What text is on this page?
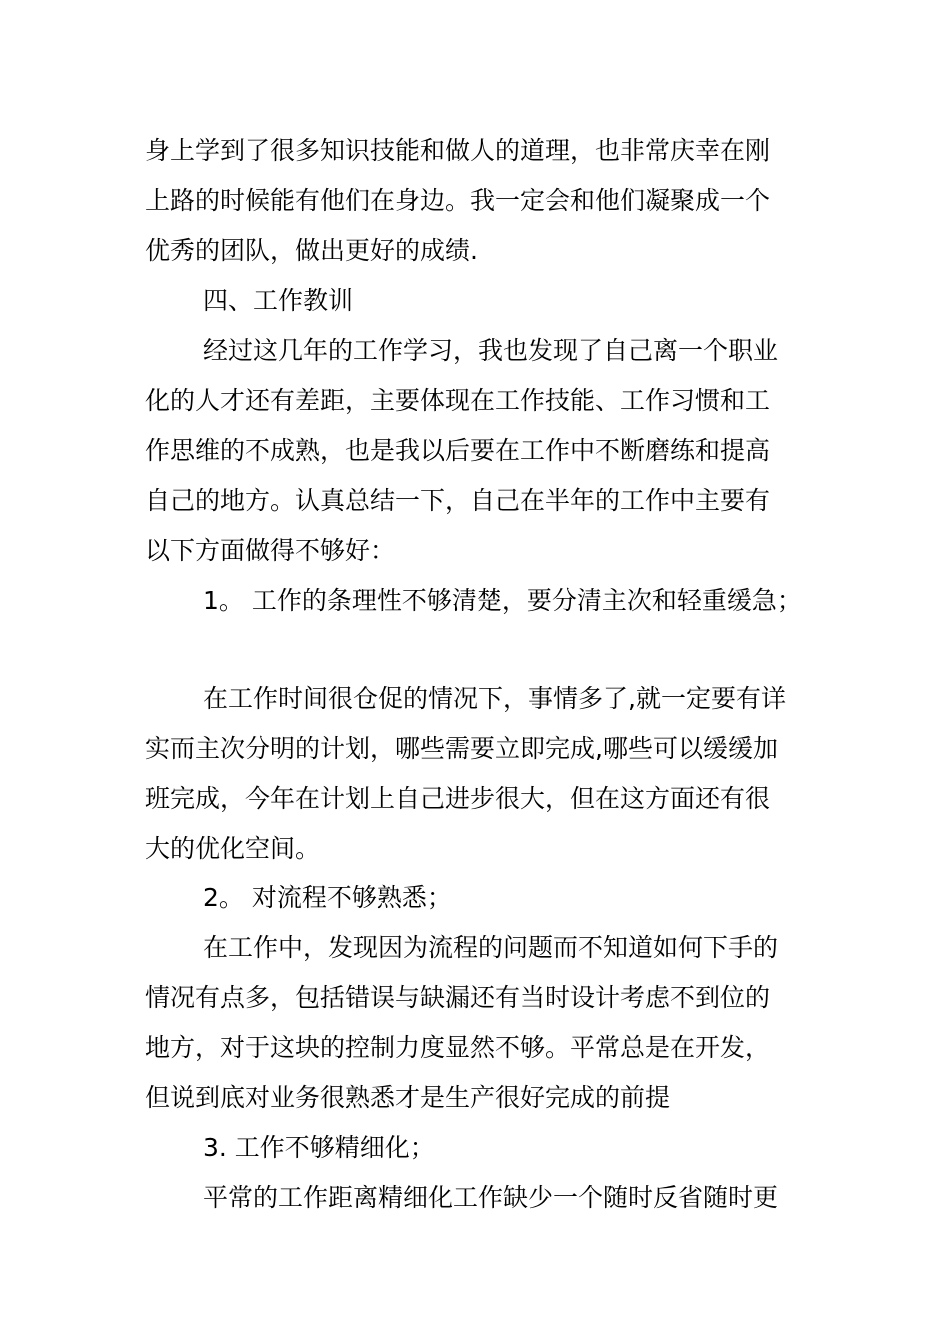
身上学到了很多知识技能和做人的道理，也非常庆幸在刚
上路的时候能有他们在身边。我一定会和他们凝聚成一个
优秀的团队，做出更好的成绩.
四、工作教训
经过这几年的工作学习，我也发现了自己离一个职业
化的人才还有差距，主要体现在工作技能、工作习惯和工
作思维的不成熟，也是我以后要在工作中不断磨练和提高
自己的地方。认真总结一下，自己在半年的工作中主要有
以下方面做得不够好：
1。 工作的条理性不够清楚，要分清主次和轻重缓急；
在工作时间很仓促的情况下，事情多了,就一定要有详
实而主次分明的计划，哪些需要立即完成,哪些可以缓缓加
班完成，今年在计划上自己进步很大，但在这方面还有很
大的优化空间。
2。 对流程不够熟悉；
在工作中，发现因为流程的问题而不知道如何下手的
情况有点多，包括错误与缺漏还有当时设计考虑不到位的
地方，对于这块的控制力度显然不够。平常总是在开发，
但说到底对业务很熟悉才是生产很好完成的前提
3. 工作不够精细化；
平常的工作距离精细化工作缺少一个随时反省随时更
